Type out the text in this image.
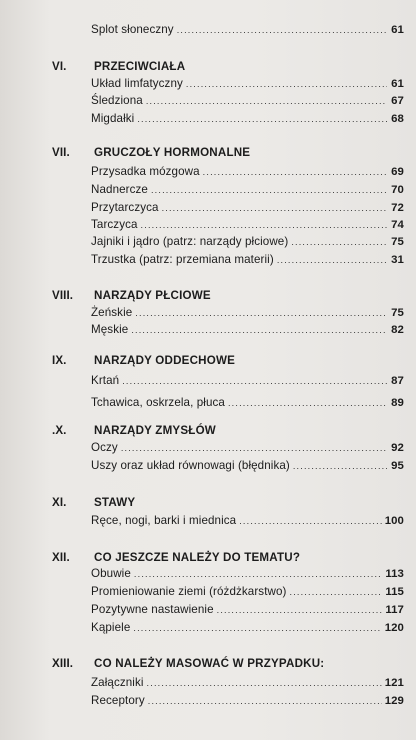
Splot słoneczny .....	61
VI.	PRZECIWCIAŁA
Układ limfatyczny .....	61
Śledziona .....	67
Migdałki .....	68
VII.	GRUCZOŁY HORMONALNE
Przysadka mózgowa .....	69
Nadnercze .....	70
Przytarczyca .....	72
Tarczyca .....	74
Jajniki i jądro (patrz: narządy płciowe) .....	75
Trzustka (patrz: przemiana materii) .....	31
VIII.	NARZĄDY PŁCIOWE
Żeńskie .....	75
Męskie .....	82
IX.	NARZĄDY ODDECHOWE
Krtań .....	87
Tchawica, oskrzela, płuca .....	89
.X.	NARZĄDY ZMYSŁÓW
Oczy .....	92
Uszy oraz układ równowagi (błędnika) .....	95
XI.	STAWY
Ręce, nogi, barki i miednica .....	100
XII.	CO JESZCZE NALEŻY DO TEMATU?
Obuwie .....	113
Promieniowanie ziemi (różdżkarstwo) .....	115
Pozytywne nastawienie .....	117
Kąpiele .....	120
XIII.	CO NALEŻY MASOWAĆ W PRZYPADKU:
Załączniki .....	121
Receptory .....	129
